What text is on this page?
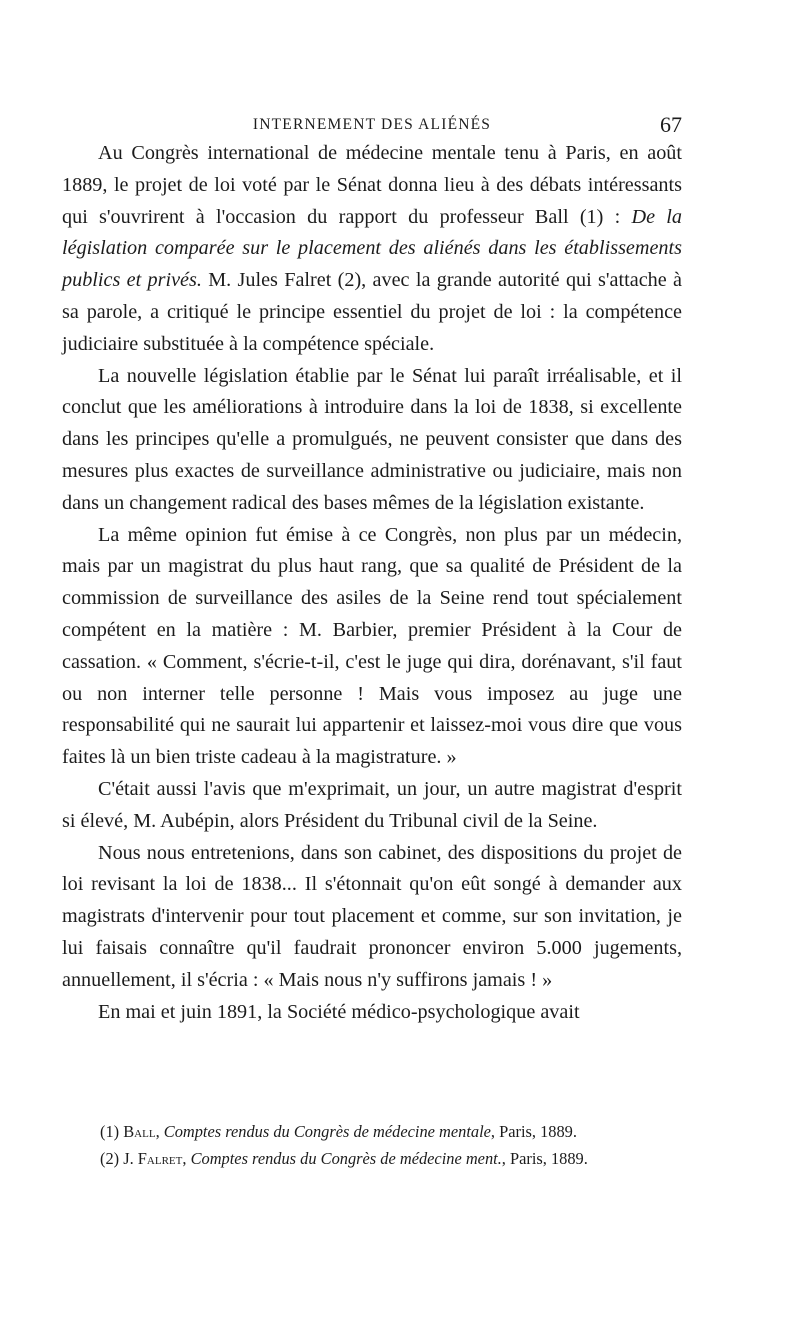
INTERNEMENT DES ALIÉNÉS	67

Au Congrès international de médecine mentale tenu à Paris, en août 1889, le projet de loi voté par le Sénat donna lieu à des débats intéressants qui s'ouvrirent à l'occasion du rapport du professeur Ball (1) : De la législation comparée sur le placement des aliénés dans les établissements publics et privés. M. Jules Falret (2), avec la grande autorité qui s'attache à sa parole, a critiqué le principe essentiel du projet de loi : la compétence judiciaire substituée à la compétence spéciale.

La nouvelle législation établie par le Sénat lui paraît irréalisable, et il conclut que les améliorations à introduire dans la loi de 1838, si excellente dans les principes qu'elle a promulgués, ne peuvent consister que dans des mesures plus exactes de surveillance administrative ou judiciaire, mais non dans un changement radical des bases mêmes de la législation existante.

La même opinion fut émise à ce Congrès, non plus par un médecin, mais par un magistrat du plus haut rang, que sa qualité de Président de la commission de surveillance des asiles de la Seine rend tout spécialement compétent en la matière : M. Barbier, premier Président à la Cour de cassation. « Comment, s'écrie-t-il, c'est le juge qui dira, dorénavant, s'il faut ou non interner telle personne ! Mais vous imposez au juge une responsabilité qui ne saurait lui appartenir et laissez-moi vous dire que vous faites là un bien triste cadeau à la magistrature. »

C'était aussi l'avis que m'exprimait, un jour, un autre magistrat d'esprit si élevé, M. Aubépin, alors Président du Tribunal civil de la Seine.

Nous nous entretenions, dans son cabinet, des dispositions du projet de loi revisant la loi de 1838... Il s'étonnait qu'on eût songé à demander aux magistrats d'intervenir pour tout placement et comme, sur son invitation, je lui faisais connaître qu'il faudrait prononcer environ 5.000 jugements, annuellement, il s'écria : « Mais nous n'y suffirons jamais ! »

En mai et juin 1891, la Société médico-psychologique avait

(1) Ball, Comptes rendus du Congrès de médecine mentale, Paris, 1889.

(2) J. Falret, Comptes rendus du Congrès de médecine ment., Paris, 1889.
